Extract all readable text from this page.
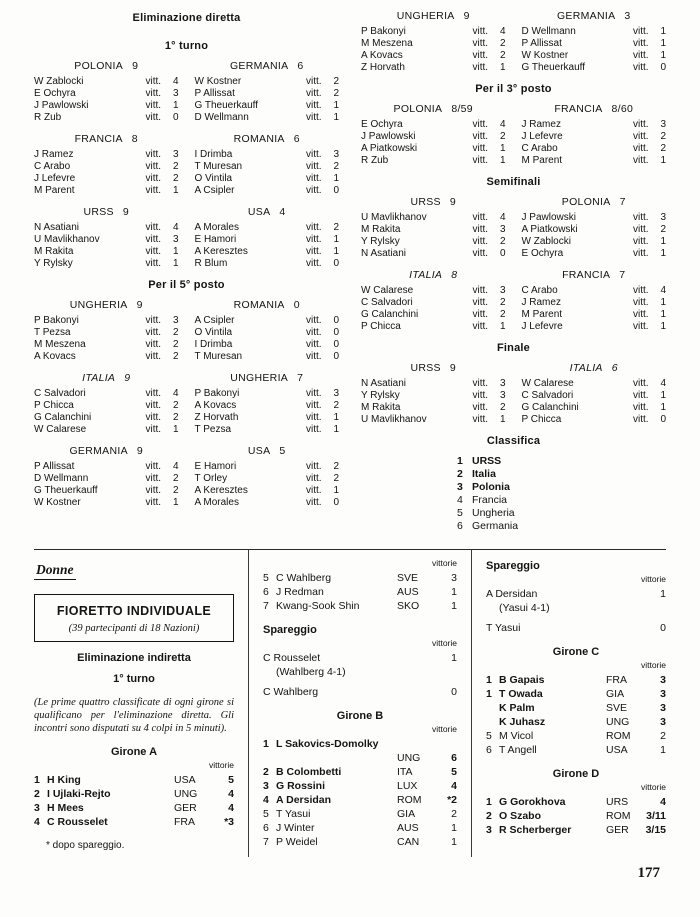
Eliminazione diretta
1° turno
POLONIA 9
W Zablocki	vitt. 4
E Ochyra	vitt. 3
J Pawlowski	vitt. 1
R Zub	vitt. 0
GERMANIA 6
W Kostner	vitt. 2
P Allissat	vitt. 2
G Theuerkauff	vitt. 1
D Wellmann	vitt. 1
FRANCIA 8
J Ramez	vitt. 3
C Arabo	vitt. 2
J Lefevre	vitt. 2
M Parent	vitt. 1
ROMANIA 6
I Drimba	vitt. 3
T Muresan	vitt. 2
O Vintila	vitt. 1
A Csipler	vitt. 0
URSS 9
N Asatiani	vitt. 4
U Mavlikhanov	vitt. 3
M Rakita	vitt. 1
Y Rylsky	vitt. 1
USA 4
A Morales	vitt. 2
E Hamori	vitt. 1
A Keresztes	vitt. 1
R Blum	vitt. 0
Per il 5° posto
UNGHERIA 9
P Bakonyi	vitt. 3
T Pezsa	vitt. 2
M Meszena	vitt. 2
A Kovacs	vitt. 2
ROMANIA 0
A Csipler	vitt. 0
O Vintila	vitt. 0
I Drimba	vitt. 0
T Muresan	vitt. 0
ITALIA 9
C Salvadori	vitt. 4
P Chicca	vitt. 2
G Calanchini	vitt. 2
W Calarese	vitt. 1
UNGHERIA 7
P Bakonyi	vitt. 3
A Kovacs	vitt. 2
Z Horvath	vitt. 1
T Pezsa	vitt. 1
GERMANIA 9
P Allissat	vitt. 4
D Wellmann	vitt. 2
G Theuerkauff	vitt. 2
W Kostner	vitt. 1
USA 5
E Hamori	vitt. 2
T Orley	vitt. 2
A Keresztes	vitt. 1
A Morales	vitt. 0
UNGHERIA 9
P Bakonyi	vitt. 4
M Meszena	vitt. 2
A Kovacs	vitt. 2
Z Horvath	vitt. 1
GERMANIA 3
D Wellmann	vitt. 1
P Allissat	vitt. 1
W Kostner	vitt. 1
G Theuerkauff	vitt. 0
Per il 3° posto
POLONIA 8/59
E Ochyra	vitt. 4
J Pawlowski	vitt. 2
A Piatkowski	vitt. 1
R Zub	vitt. 1
FRANCIA 8/60
J Ramez	vitt. 3
J Lefevre	vitt. 2
C Arabo	vitt. 2
M Parent	vitt. 1
Semifinali
URSS 9
U Mavlikhanov	vitt. 4
M Rakita	vitt. 3
Y Rylsky	vitt. 2
N Asatiani	vitt. 0
POLONIA 7
J Pawlowski	vitt. 3
A Piatkowski	vitt. 2
W Zablocki	vitt. 1
E Ochyra	vitt. 1
ITALIA 8
W Calarese	vitt. 3
C Salvadori	vitt. 2
G Calanchini	vitt. 2
P Chicca	vitt. 1
FRANCIA 7
C Arabo	vitt. 4
J Ramez	vitt. 1
M Parent	vitt. 1
J Lefevre	vitt. 1
Finale
URSS 9
N Asatiani	vitt. 3
Y Rylsky	vitt. 3
M Rakita	vitt. 2
U Mavlikhanov	vitt. 1
ITALIA 6
W Calarese	vitt. 4
C Salvadori	vitt. 1
G Calanchini	vitt. 1
P Chicca	vitt. 0
Classifica
1 URSS
2 Italia
3 Polonia
4 Francia
5 Ungheria
6 Germania
Donne
FIORETTO INDIVIDUALE
(39 partecipanti di 18 Nazioni)
Eliminazione indiretta
1° turno
(Le prime quattro classificate di ogni girone si qualificano per l'eliminazione diretta. Gli incontri sono disputati su 4 colpi in 5 minuti).
Girone A
vittorie
1 H King	USA	5
2 I Ujlaki-Rejto	UNG	4
3 H Mees	GER	4
4 C Rousselet	FRA	*3
* dopo spareggio.
vittorie
5 C Wahlberg	SVE	3
6 J Redman	AUS	1
7 Kwang-Sook Shin	SKO	1
Spareggio
vittorie
C Rousselet	1
(Wahlberg 4-1)
C Wahlberg	0
Girone B
vittorie
1 L Sakovics-Domolky
UNG	6
2 B Colombetti	ITA	5
3 G Rossini	LUX	4
4 A Dersidan	ROM	*2
5 T Yasui	GIA	2
6 J Winter	AUS	1
7 P Weidel	CAN	1
Spareggio
vittorie
A Dersidan	1
(Yasui 4-1)
T Yasui	0
Girone C
vittorie
1 B Gapais	FRA	3
1 T Owada	GIA	3
K Palm	SVE	3
K Juhasz	UNG	3
5 M Vicol	ROM	2
6 T Angell	USA	1
Girone D
vittorie
1 G Gorokhova	URS	4
2 O Szabo	ROM	3/11
3 R Scherberger	GER	3/15
177
